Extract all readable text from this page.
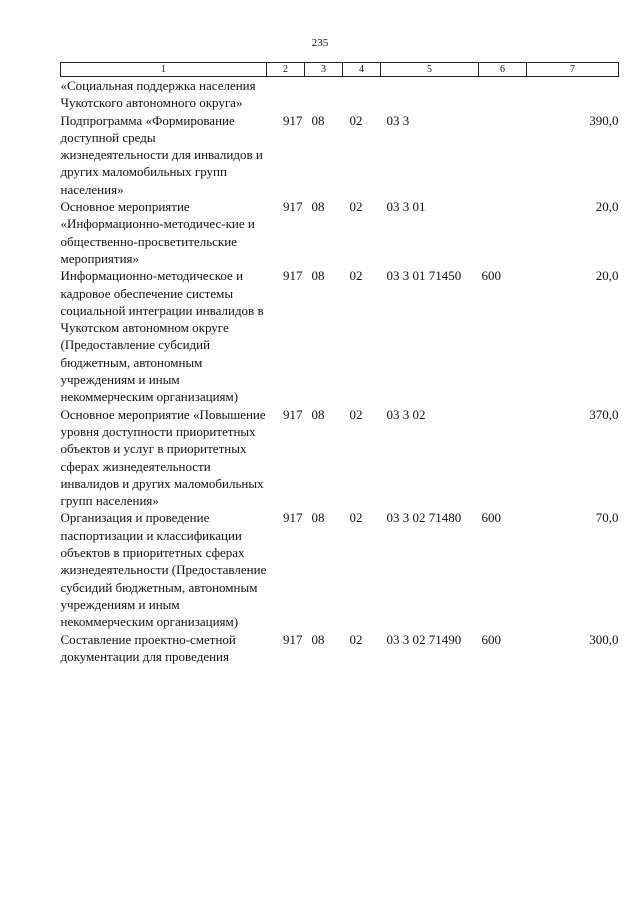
235
1	2	3	4	5	6	7
«Социальная поддержка населения Чукотского автономного округа»						
Подпрограмма «Формирование доступной среды жизнедеятельности для инвалидов и других маломобильных групп населения»	917	08	02	03 3		390,0
Основное мероприятие «Информационно-методичес-кие и общественно-просветительские мероприятия»	917	08	02	03 3 01		20,0
Информационно-методическое и кадровое обеспечение системы социальной интеграции инвалидов в Чукотском автономном округе (Предоставление субсидий бюджетным, автономным учреждениям и иным некоммерческим организациям)	917	08	02	03 3 01 71450	600	20,0
Основное мероприятие «Повышение уровня доступности приоритетных объектов и услуг в приоритетных сферах жизнедеятельности инвалидов и других маломобильных групп населения»	917	08	02	03 3 02		370,0
Организация и проведение паспортизации и классификации объектов в приоритетных сферах жизнедеятельности (Предоставление субсидий бюджетным, автономным учреждениям и иным некоммерческим организациям)	917	08	02	03 3 02 71480	600	70,0
Составление проектно-сметной документации для проведения	917	08	02	03 3 02 71490	600	300,0
